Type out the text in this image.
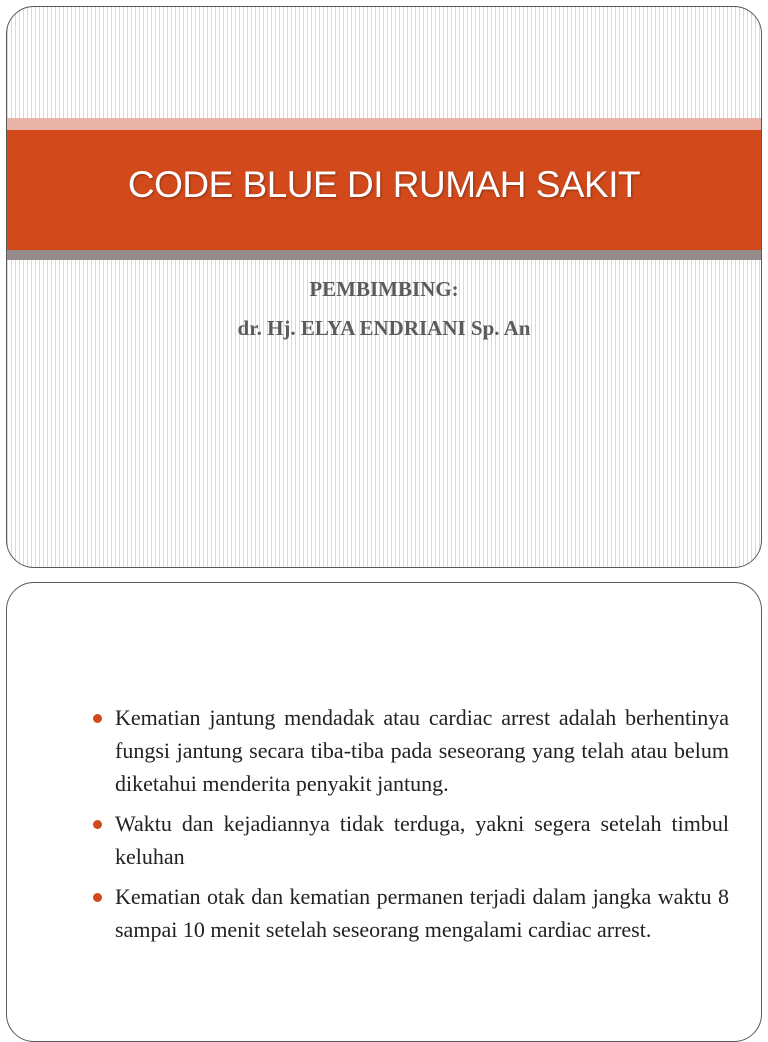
CODE BLUE DI RUMAH SAKIT
PEMBIMBING:
dr. Hj. ELYA ENDRIANI Sp. An
Kematian jantung mendadak atau cardiac arrest adalah berhentinya fungsi jantung secara tiba-tiba pada seseorang yang telah atau belum diketahui menderita penyakit jantung.
Waktu dan kejadiannya tidak terduga, yakni segera setelah timbul keluhan
Kematian otak dan kematian permanen terjadi dalam jangka waktu 8 sampai 10 menit setelah seseorang mengalami cardiac arrest.
